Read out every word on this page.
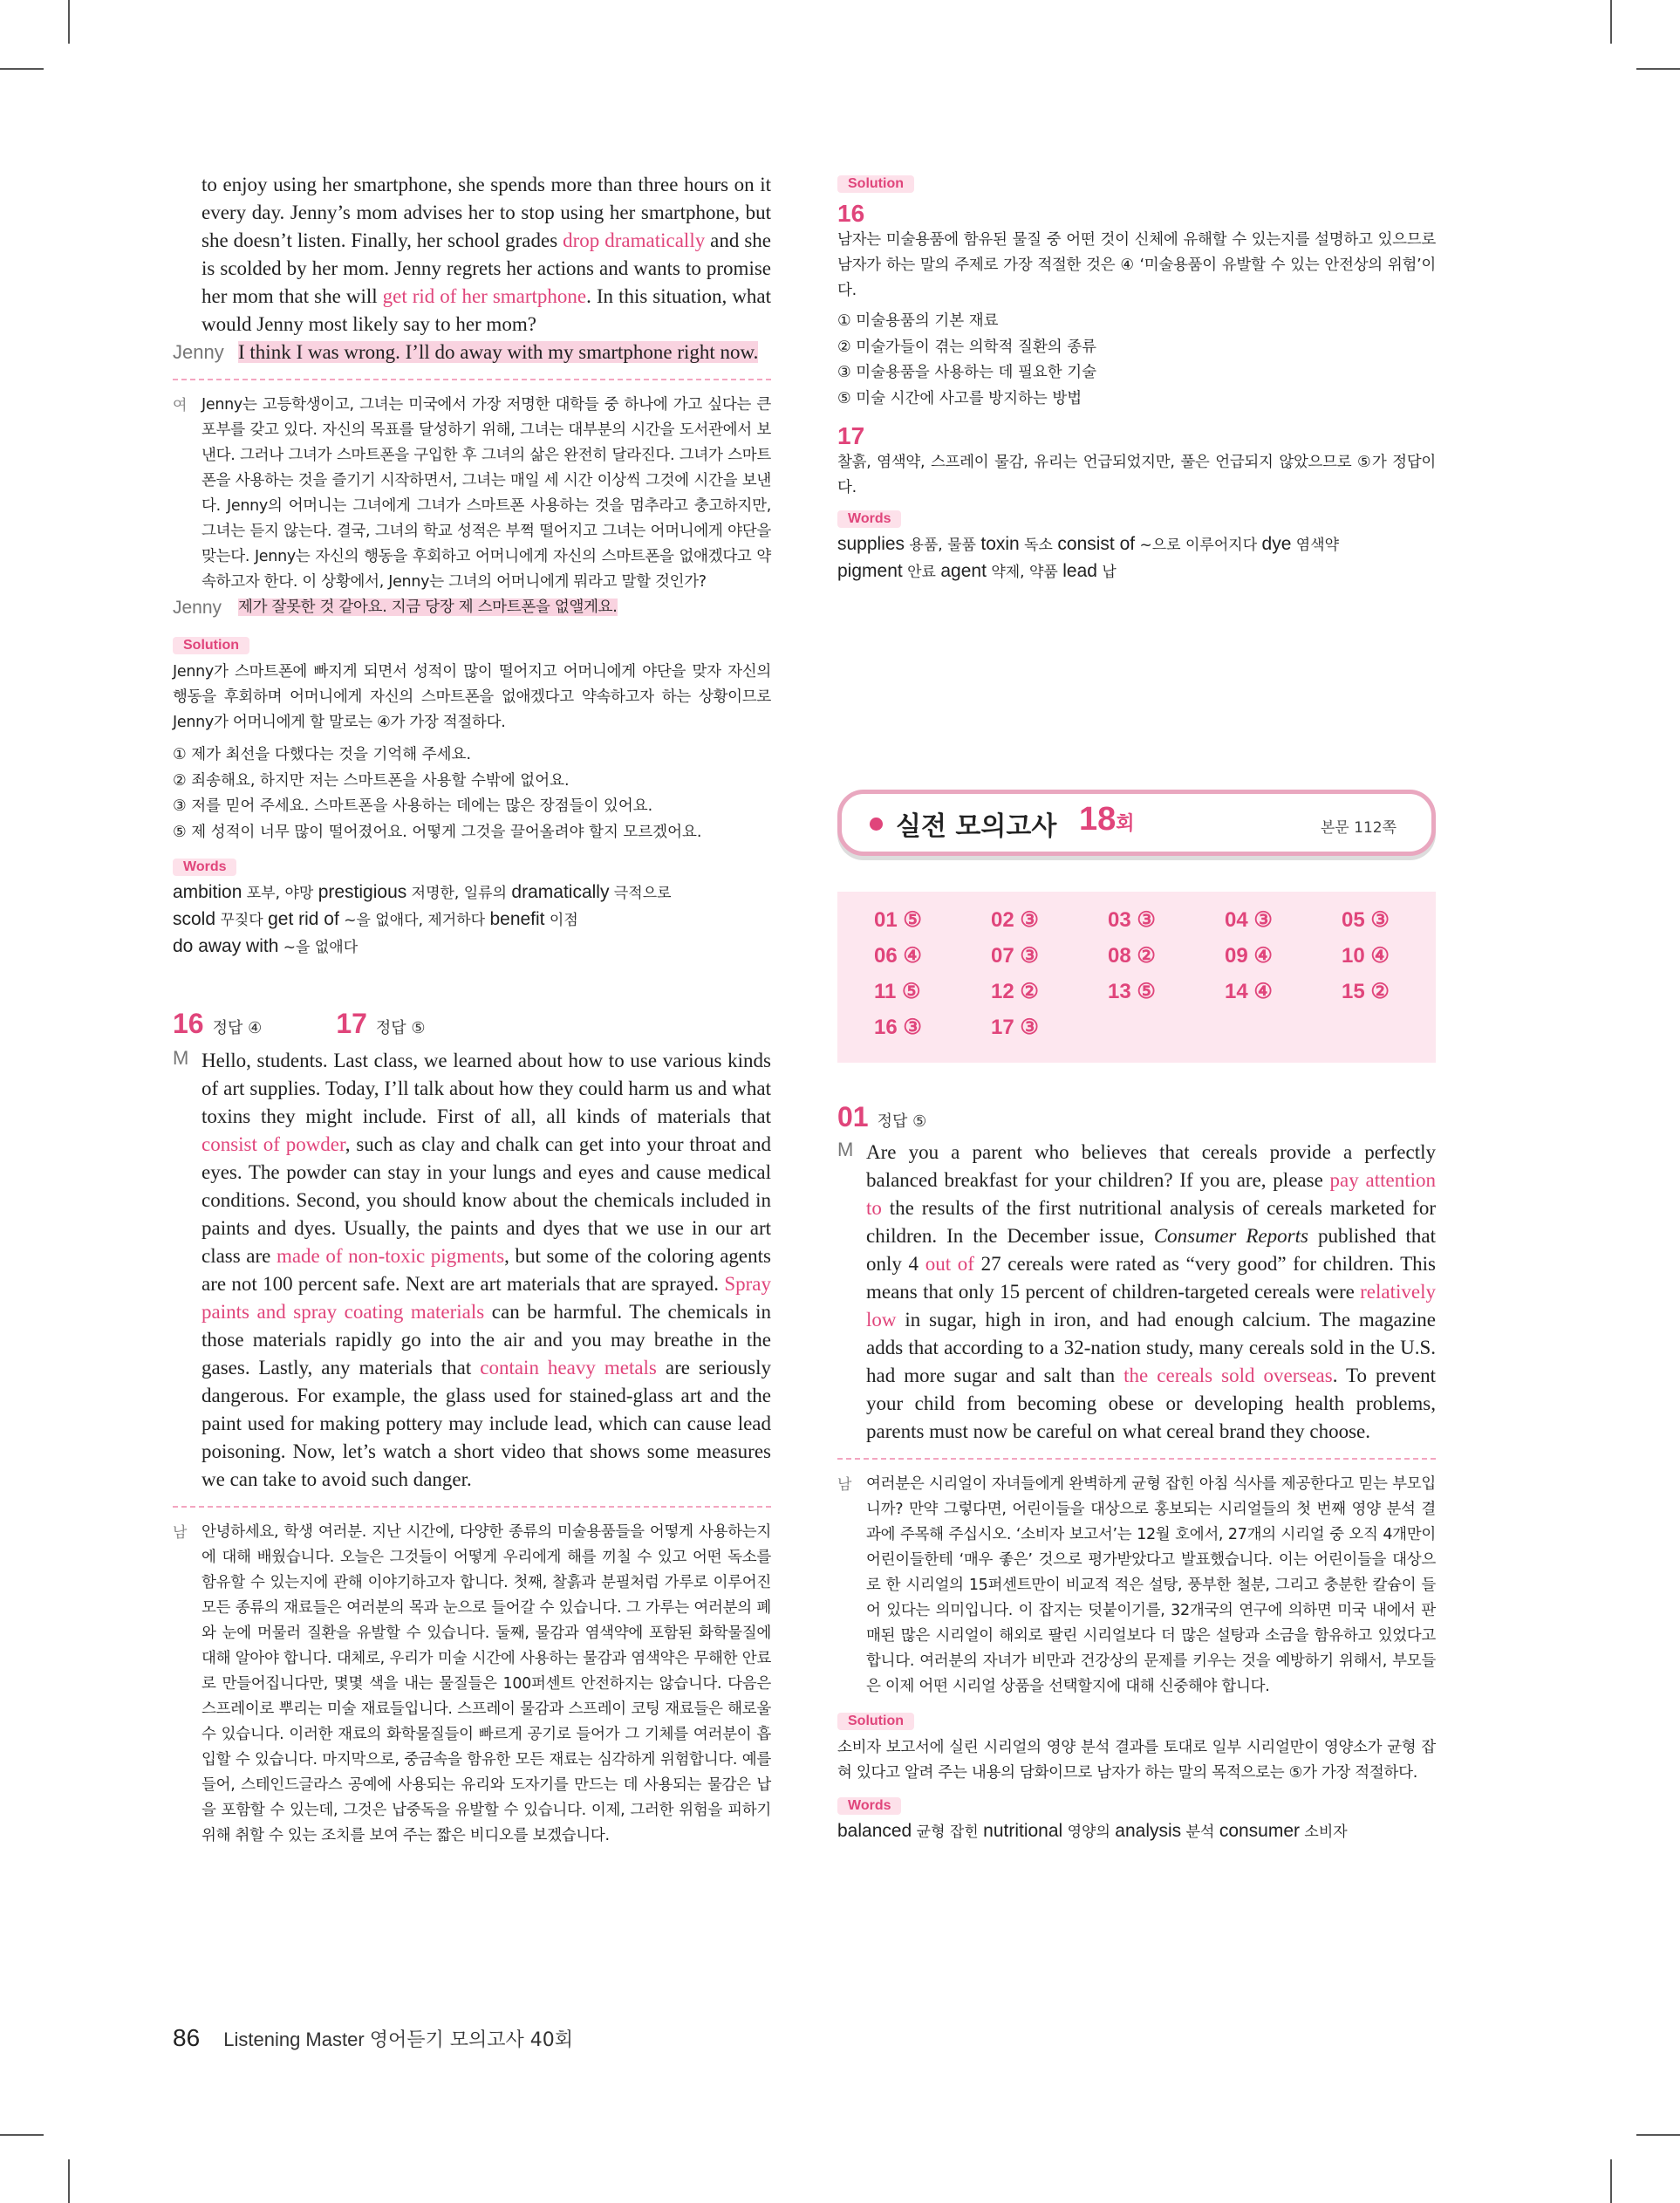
to enjoy using her smartphone, she spends more than three hours on it every day. Jenny’s mom advises her to stop using her smartphone, but she doesn’t listen. Finally, her school grades drop dramatically and she is scolded by her mom. Jenny regrets her actions and wants to promise her mom that she will get rid of her smartphone. In this situation, what would Jenny most likely say to her mom?

Jenny I think I was wrong. I’ll do away with my smartphone right now.

여 Jenny는 고등학생이고, 그녀는 미국에서 가장 저명한 대학들 중 하나에 가고 싶다는 큰 포부를 갖고 있다. 자신의 목표를 달성하기 위해, 그녀는 대부분의 시간을 도서관에서 보낸다. 그러나 그녀가 스마트폰을 구입한 후 그녀의 삶은 완전히 달라진다. 그녀가 스마트폰을 사용하는 것을 즐기기 시작하면서, 그녀는 매일 세 시간 이상씩 그것에 시간을 보낸다. Jenny의 어머니는 그녀에게 그녀가 스마트폰 사용하는 것을 멈추라고 충고하지만, 그녀는 듣지 않는다. 결국, 그녀의 학교 성적은 부쩍 떨어지고 그녀는 어머니에게 야단을 맞는다. Jenny는 자신의 행동을 후회하고 어머니에게 자신의 스마트폰을 없애겠다고 약속하고자 한다. 이 상황에서, Jenny는 그녀의 어머니에게 뭐라고 말할 것인가?

Jenny 제가 잘못한 것 같아요. 지금 당장 제 스마트폰을 없앨게요.

Solution

Jenny가 스마트폰에 빠지게 되면서 성적이 많이 떨어지고 어머니에게 야단을 맞자 자신의 행동을 후회하며 어머니에게 자신의 스마트폰을 없애겠다고 약속하고자 하는 상황이므로 Jenny가 어머니에게 할 말로는 ④가 가장 적절하다.

① 제가 최선을 다했다는 것을 기억해 주세요.

② 죄송해요, 하지만 저는 스마트폰을 사용할 수밖에 없어요.

③ 저를 믿어 주세요. 스마트폰을 사용하는 데에는 많은 장점들이 있어요.

⑤ 제 성적이 너무 많이 떨어졌어요. 어떻게 그것을 끌어올려야 할지 모르겠어요.

Words

ambition 포부, 야망 prestigious 저명한, 일류의 dramatically 극적으로

scold 꾸짖다 get rid of ~을 없애다, 제거하다 benefit 이점

do away with ~을 없애다

16 정답 ④	17 정답 ⑤
M Hello, students. Last class, we learned about how to use various kinds of art supplies. Today, I’ll talk about how they could harm us and what toxins they might include. First of all, all kinds of materials that consist of powder, such as clay and chalk can get into your throat and eyes. The powder can stay in your lungs and eyes and cause medical conditions. Second, you should know about the chemicals included in paints and dyes. Usually, the paints and dyes that we use in our art class are made of non-toxic pigments, but some of the coloring agents are not 100 percent safe. Next are art materials that are sprayed. Spray paints and spray coating materials can be harmful. The chemicals in those materials rapidly go into the air and you may breathe in the gases. Lastly, any materials that contain heavy metals are seriously dangerous. For example, the glass used for stained-glass art and the paint used for making pottery may include lead, which can cause lead poisoning. Now, let’s watch a short video that shows some measures we can take to avoid such danger.

남 안녕하세요, 학생 여러분. 지난 시간에, 다양한 종류의 미술용품들을 어떻게 사용하는지에 대해 배웠습니다. 오늘은 그것들이 어떻게 우리에게 해를 끼칠 수 있고 어떤 독소를 함유할 수 있는지에 관해 이야기하고자 합니다. 첫째, 찰흙과 분필처럼 가루로 이루어진 모든 종류의 재료들은 여러분의 목과 눈으로 들어갈 수 있습니다. 그 가루는 여러분의 폐와 눈에 머물러 질환을 유발할 수 있습니다. 둘째, 물감과 염색약에 포함된 화학물질에 대해 알아야 합니다. 대체로, 우리가 미술 시간에 사용하는 물감과 염색약은 무해한 안료로 만들어집니다만, 몇몇 색을 내는 물질들은 100퍼센트 안전하지는 않습니다. 다음은 스프레이로 뿌리는 미술 재료들입니다. 스프레이 물감과 스프레이 코팅 재료들은 해로울 수 있습니다. 이러한 재료의 화학물질들이 빠르게 공기로 들어가 그 기체를 여러분이 흡입할 수 있습니다. 마지막으로, 중금속을 함유한 모든 재료는 심각하게 위험합니다. 예를 들어, 스테인드글라스 공예에 사용되는 유리와 도자기를 만드는 데 사용되는 물감은 납을 포함할 수 있는데, 그것은 납중독을 유발할 수 있습니다. 이제, 그러한 위험을 피하기 위해 취할 수 있는 조치를 보여 주는 짧은 비디오를 보겠습니다.

Solution
16

남자는 미술용품에 함유된 물질 중 어떤 것이 신체에 유해할 수 있는지를 설명하고 있으므로 남자가 하는 말의 주제로 가장 적절한 것은 ④ ‘미술용품이 유발할 수 있는 안전상의 위험’이다.

① 미술용품의 기본 재료

② 미술가들이 겪는 의학적 질환의 종류

③ 미술용품을 사용하는 데 필요한 기술

⑤ 미술 시간에 사고를 방지하는 방법

17

찰흙, 염색약, 스프레이 물감, 유리는 언급되었지만, 풀은 언급되지 않았으므로 ⑤가 정답이다.

Words

supplies 용품, 물품 toxin 독소 consist of ~으로 이루어지다 dye 염색약

pigment 안료 agent 약제, 약품 lead 납

실전 모의고사 18회	본문 112쪽
01 ⑤	02 ③	03 ③	04 ③	05 ③
06 ④	07 ③	08 ②	09 ④	10 ④
11 ⑤	12 ②	13 ⑤	14 ④	15 ②
16 ③	17 ③
01 정답 ⑤
M Are you a parent who believes that cereals provide a perfectly balanced breakfast for your children? If you are, please pay attention to the results of the first nutritional analysis of cereals marketed for children. In the December issue, Consumer Reports published that only 4 out of 27 cereals were rated as “very good” for children. This means that only 15 percent of children-targeted cereals were relatively low in sugar, high in iron, and had enough calcium. The magazine adds that according to a 32-nation study, many cereals sold in the U.S. had more sugar and salt than the cereals sold overseas. To prevent your child from becoming obese or developing health problems, parents must now be careful on what cereal brand they choose.

남 여러분은 시리얼이 자녀들에게 완벽하게 균형 잡힌 아침 식사를 제공한다고 믿는 부모입니까? 만약 그렇다면, 어린이들을 대상으로 홍보되는 시리얼들의 첫 번째 영양 분석 결과에 주목해 주십시오. ‘소비자 보고서’는 12월 호에서, 27개의 시리얼 중 오직 4개만이 어린이들한테 ‘매우 좋은’ 것으로 평가받았다고 발표했습니다. 이는 어린이들을 대상으로 한 시리얼의 15퍼센트만이 비교적 적은 설탕, 풍부한 철분, 그리고 충분한 칼슘이 들어 있다는 의미입니다. 이 잡지는 덧붙이기를, 32개국의 연구에 의하면 미국 내에서 판매된 많은 시리얼이 해외로 팔린 시리얼보다 더 많은 설탕과 소금을 함유하고 있었다고 합니다. 여러분의 자녀가 비만과 건강상의 문제를 키우는 것을 예방하기 위해서, 부모들은 이제 어떤 시리얼 상품을 선택할지에 대해 신중해야 합니다.

Solution

소비자 보고서에 실린 시리얼의 영양 분석 결과를 토대로 일부 시리얼만이 영양소가 균형 잡혀 있다고 알려 주는 내용의 담화이므로 남자가 하는 말의 목적으로는 ⑤가 가장 적절하다.

Words

balanced 균형 잡힌 nutritional 영양의 analysis 분석 consumer 소비자

86 Listening Master 영어듣기 모의고사 40회
